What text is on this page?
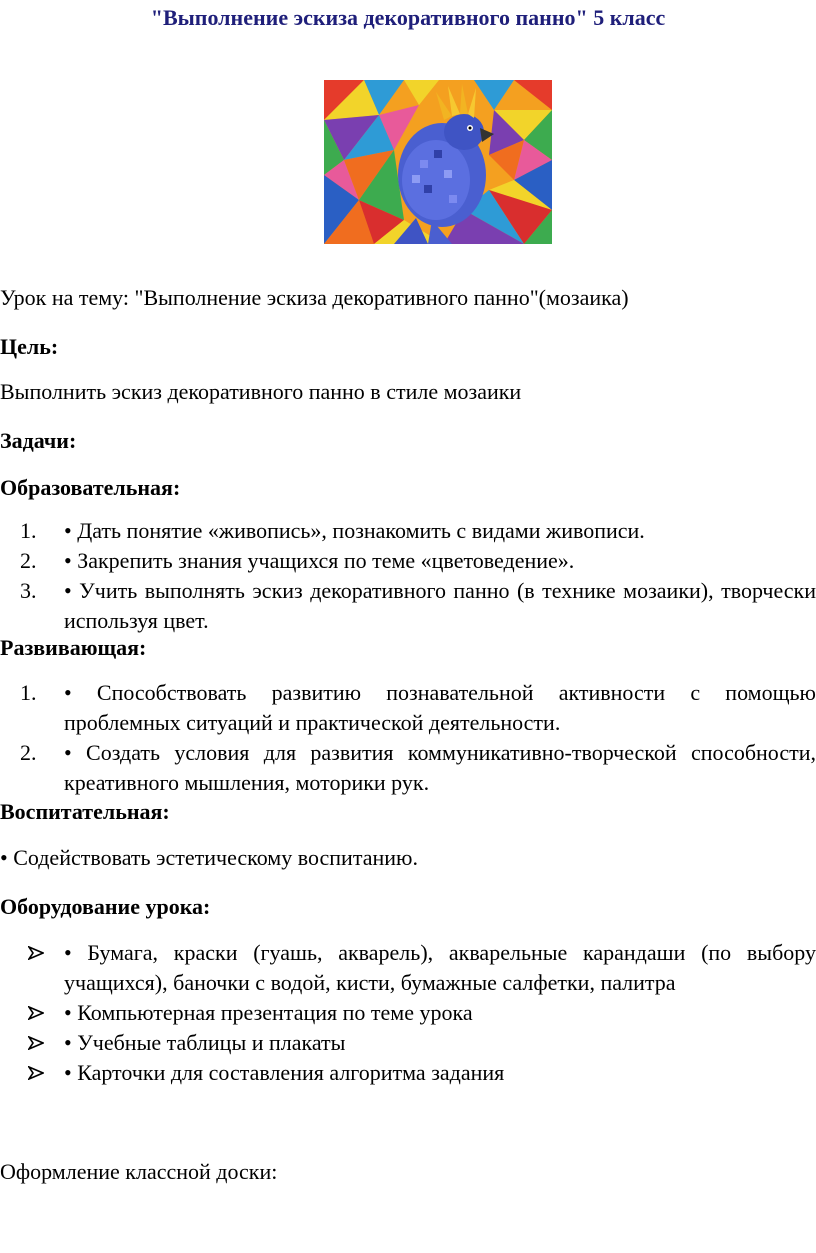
"Выполнение эскиза декоративного панно" 5 класс
Урок на тему: "Выполнение эскиза декоративного панно"(мозаика)
Цель:
Выполнить эскиз декоративного панно в стиле мозаики
Задачи:
Образовательная:
1. • Дать понятие «живопись», познакомить с видами живописи.
2. • Закрепить знания учащихся по теме «цветоведение».
3. • Учить выполнять эскиз декоративного панно (в технике мозаики), творчески используя цвет.
Развивающая:
1. • Способствовать развитию познавательной активности с помощью проблемных ситуаций и практической деятельности.
2. • Создать условия для развития коммуникативно-творческой способности, креативного мышления, моторики рук.
Воспитательная:
• Содействовать эстетическому воспитанию.
Оборудование урока:
• Бумага, краски (гуашь, акварель), акварельные карандаши (по выбору учащихся), баночки с водой, кисти, бумажные салфетки, палитра
• Компьютерная презентация по теме урока
• Учебные таблицы и плакаты
• Карточки для составления алгоритма задания
Оформление классной доски:
